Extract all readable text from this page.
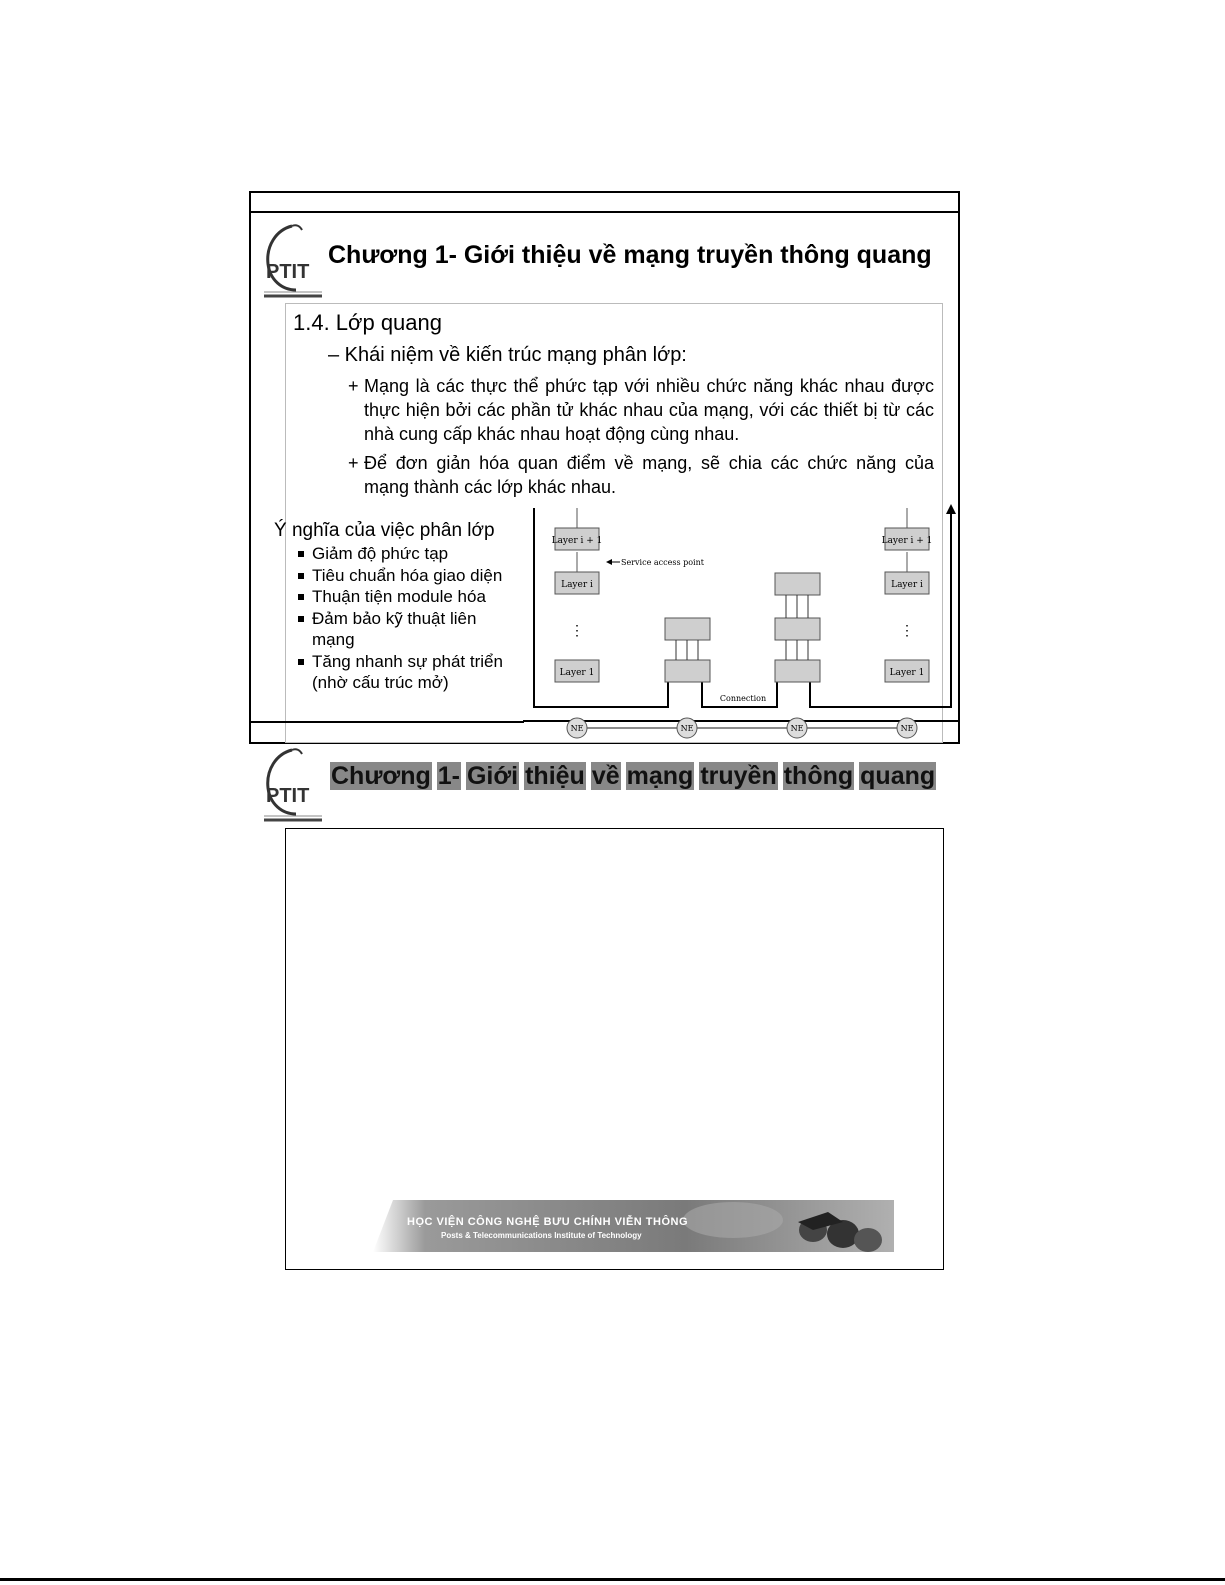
PTIT
Chương 1- Giới thiệu về mạng truyền thông quang
1.4. Lớp quang
– Khái niệm về kiến trúc mạng phân lớp:
+ Mạng là các thực thể phức tạp với nhiều chức năng khác nhau được thực hiện bởi các phần tử khác nhau của mạng, với các thiết bị từ các nhà cung cấp khác nhau hoạt động cùng nhau.
+ Để đơn giản hóa quan điểm về mạng, sẽ chia các chức năng của mạng thành các lớp khác nhau.
Ý nghĩa của việc phân lớp
Giảm độ phức tạp
Tiêu chuẩn hóa giao diện
Thuận tiện module hóa
Đảm bảo kỹ thuật liên mạng
Tăng nhanh sự phát triển (nhờ cấu trúc mở)
Layer i + 1
Layer i
⋮
Layer 1
Service access point
Layer i + 1
Layer i
⋮
Layer 1
Connection
NE	NE	NE	NE
PTIT
Chương 1- Giới thiệu về mạng truyền thông quang
HỌC VIỆN CÔNG NGHỆ BƯU CHÍNH VIỄN THÔNG
Posts & Telecommunications Institute of Technology
